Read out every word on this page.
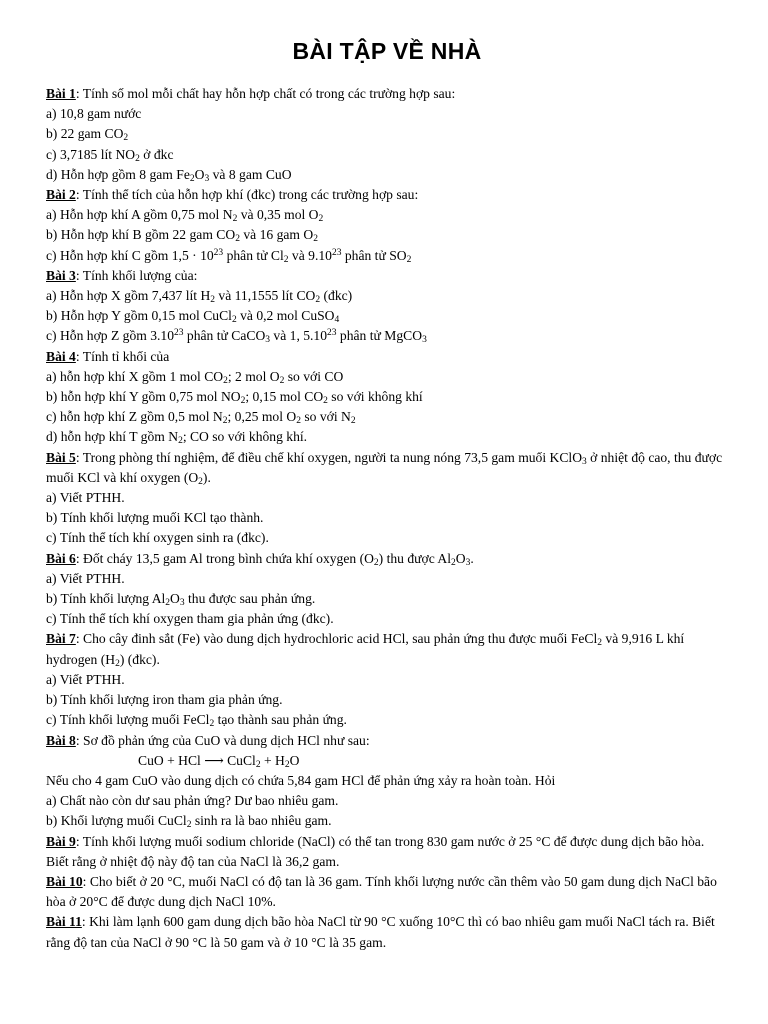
BÀI TẬP VỀ NHÀ
Bài 1: Tính số mol mỗi chất hay hỗn hợp chất có trong các trường hợp sau:
a) 10,8 gam nước
b) 22 gam $CO_2$
c) 3,7185 lít $NO_2$ ở đkc
d) Hỗn hợp gồm 8 gam $Fe_2O_3$ và 8 gam CuO
Bài 2: Tính thể tích của hỗn hợp khí (đkc) trong các trường hợp sau:
a) Hỗn hợp khí A gồm 0,75 mol $N_2$ và 0,35 mol $O_2$
b) Hỗn hợp khí B gồm 22 gam $CO_2$ và 16 gam $O_2$
c) Hỗn hợp khí C gồm $1,5 \cdot 10^{23}$ phân tử $Cl_2$ và 9.10$^{23}$ phân tử $SO_2$
Bài 3: Tính khối lượng của:
a) Hỗn hợp X gồm 7,437 lít $H_2$ và 11,1555 lít $CO_2$ (đkc)
b) Hỗn hợp Y gồm 0,15 mol CuCl$_2$ và 0,2 mol CuSO$_4$
c) Hỗn hợp Z gồm 3.10$^{23}$ phân tử CaCO$_3$ và 1, 5.10$^{23}$ phân tử MgCO$_3$
Bài 4: Tính tỉ khối của
a) hỗn hợp khí X gồm 1 mol $CO_2$; 2 mol $O_2$ so với CO
b) hỗn hợp khí Y gồm 0,75 mol $NO_2$; 0,15 mol $CO_2$ so với không khí
c) hỗn hợp khí Z gồm 0,5 mol $N_2$; 0,25 mol $O_2$ so với $N_2$
d) hỗn hợp khí T gồm $N_2$; CO so với không khí.
Bài 5: Trong phòng thí nghiệm, để điều chế khí oxygen, người ta nung nóng 73,5 gam muối KClO$_3$ ở nhiệt độ cao, thu được muối KCl và khí oxygen $(O_2)$.
a) Viết PTHH.
b) Tính khối lượng muối KCl tạo thành.
c) Tính thể tích khí oxygen sinh ra (đkc).
Bài 6: Đốt cháy 13,5 gam Al trong bình chứa khí oxygen $(O_2)$ thu được $Al_2O_3$.
a) Viết PTHH.
b) Tính khối lượng $Al_2O_3$ thu được sau phản ứng.
c) Tính thể tích khí oxygen tham gia phản ứng (đkc).
Bài 7: Cho cây đinh sắt (Fe) vào dung dịch hydrochloric acid HCl, sau phản ứng thu được muối FeCl$_2$ và 9,916 L khí hydrogen $(H_2)$ (đkc).
a) Viết PTHH.
b) Tính khối lượng iron tham gia phản ứng.
c) Tính khối lượng muối FeCl$_2$ tạo thành sau phản ứng.
Bài 8: Sơ đồ phản ứng của CuO và dung dịch HCl như sau:
CuO + HCl ⟶ CuCl$_2$ + $H_2O$
Nếu cho 4 gam CuO vào dung dịch có chứa 5,84 gam HCl để phản ứng xảy ra hoàn toàn. Hỏi
a) Chất nào còn dư sau phản ứng? Dư bao nhiêu gam.
b) Khối lượng muối CuCl$_2$ sinh ra là bao nhiêu gam.
Bài 9: Tính khối lượng muối sodium chloride (NaCl) có thể tan trong 830 gam nước ở 25 °C để được dung dịch bão hòa. Biết rằng ở nhiệt độ này độ tan của NaCl là 36,2 gam.
Bài 10: Cho biết ở 20 °C, muối NaCl có độ tan là 36 gam. Tính khối lượng nước cần thêm vào 50 gam dung dịch NaCl bão hòa ở 20°C để được dung dịch NaCl 10%.
Bài 11: Khi làm lạnh 600 gam dung dịch bão hòa NaCl từ 90 °C xuống 10°C thì có bao nhiêu gam muối NaCl tách ra. Biết rằng độ tan của NaCl ở 90 °C là 50 gam và ở 10 °C là 35 gam.
